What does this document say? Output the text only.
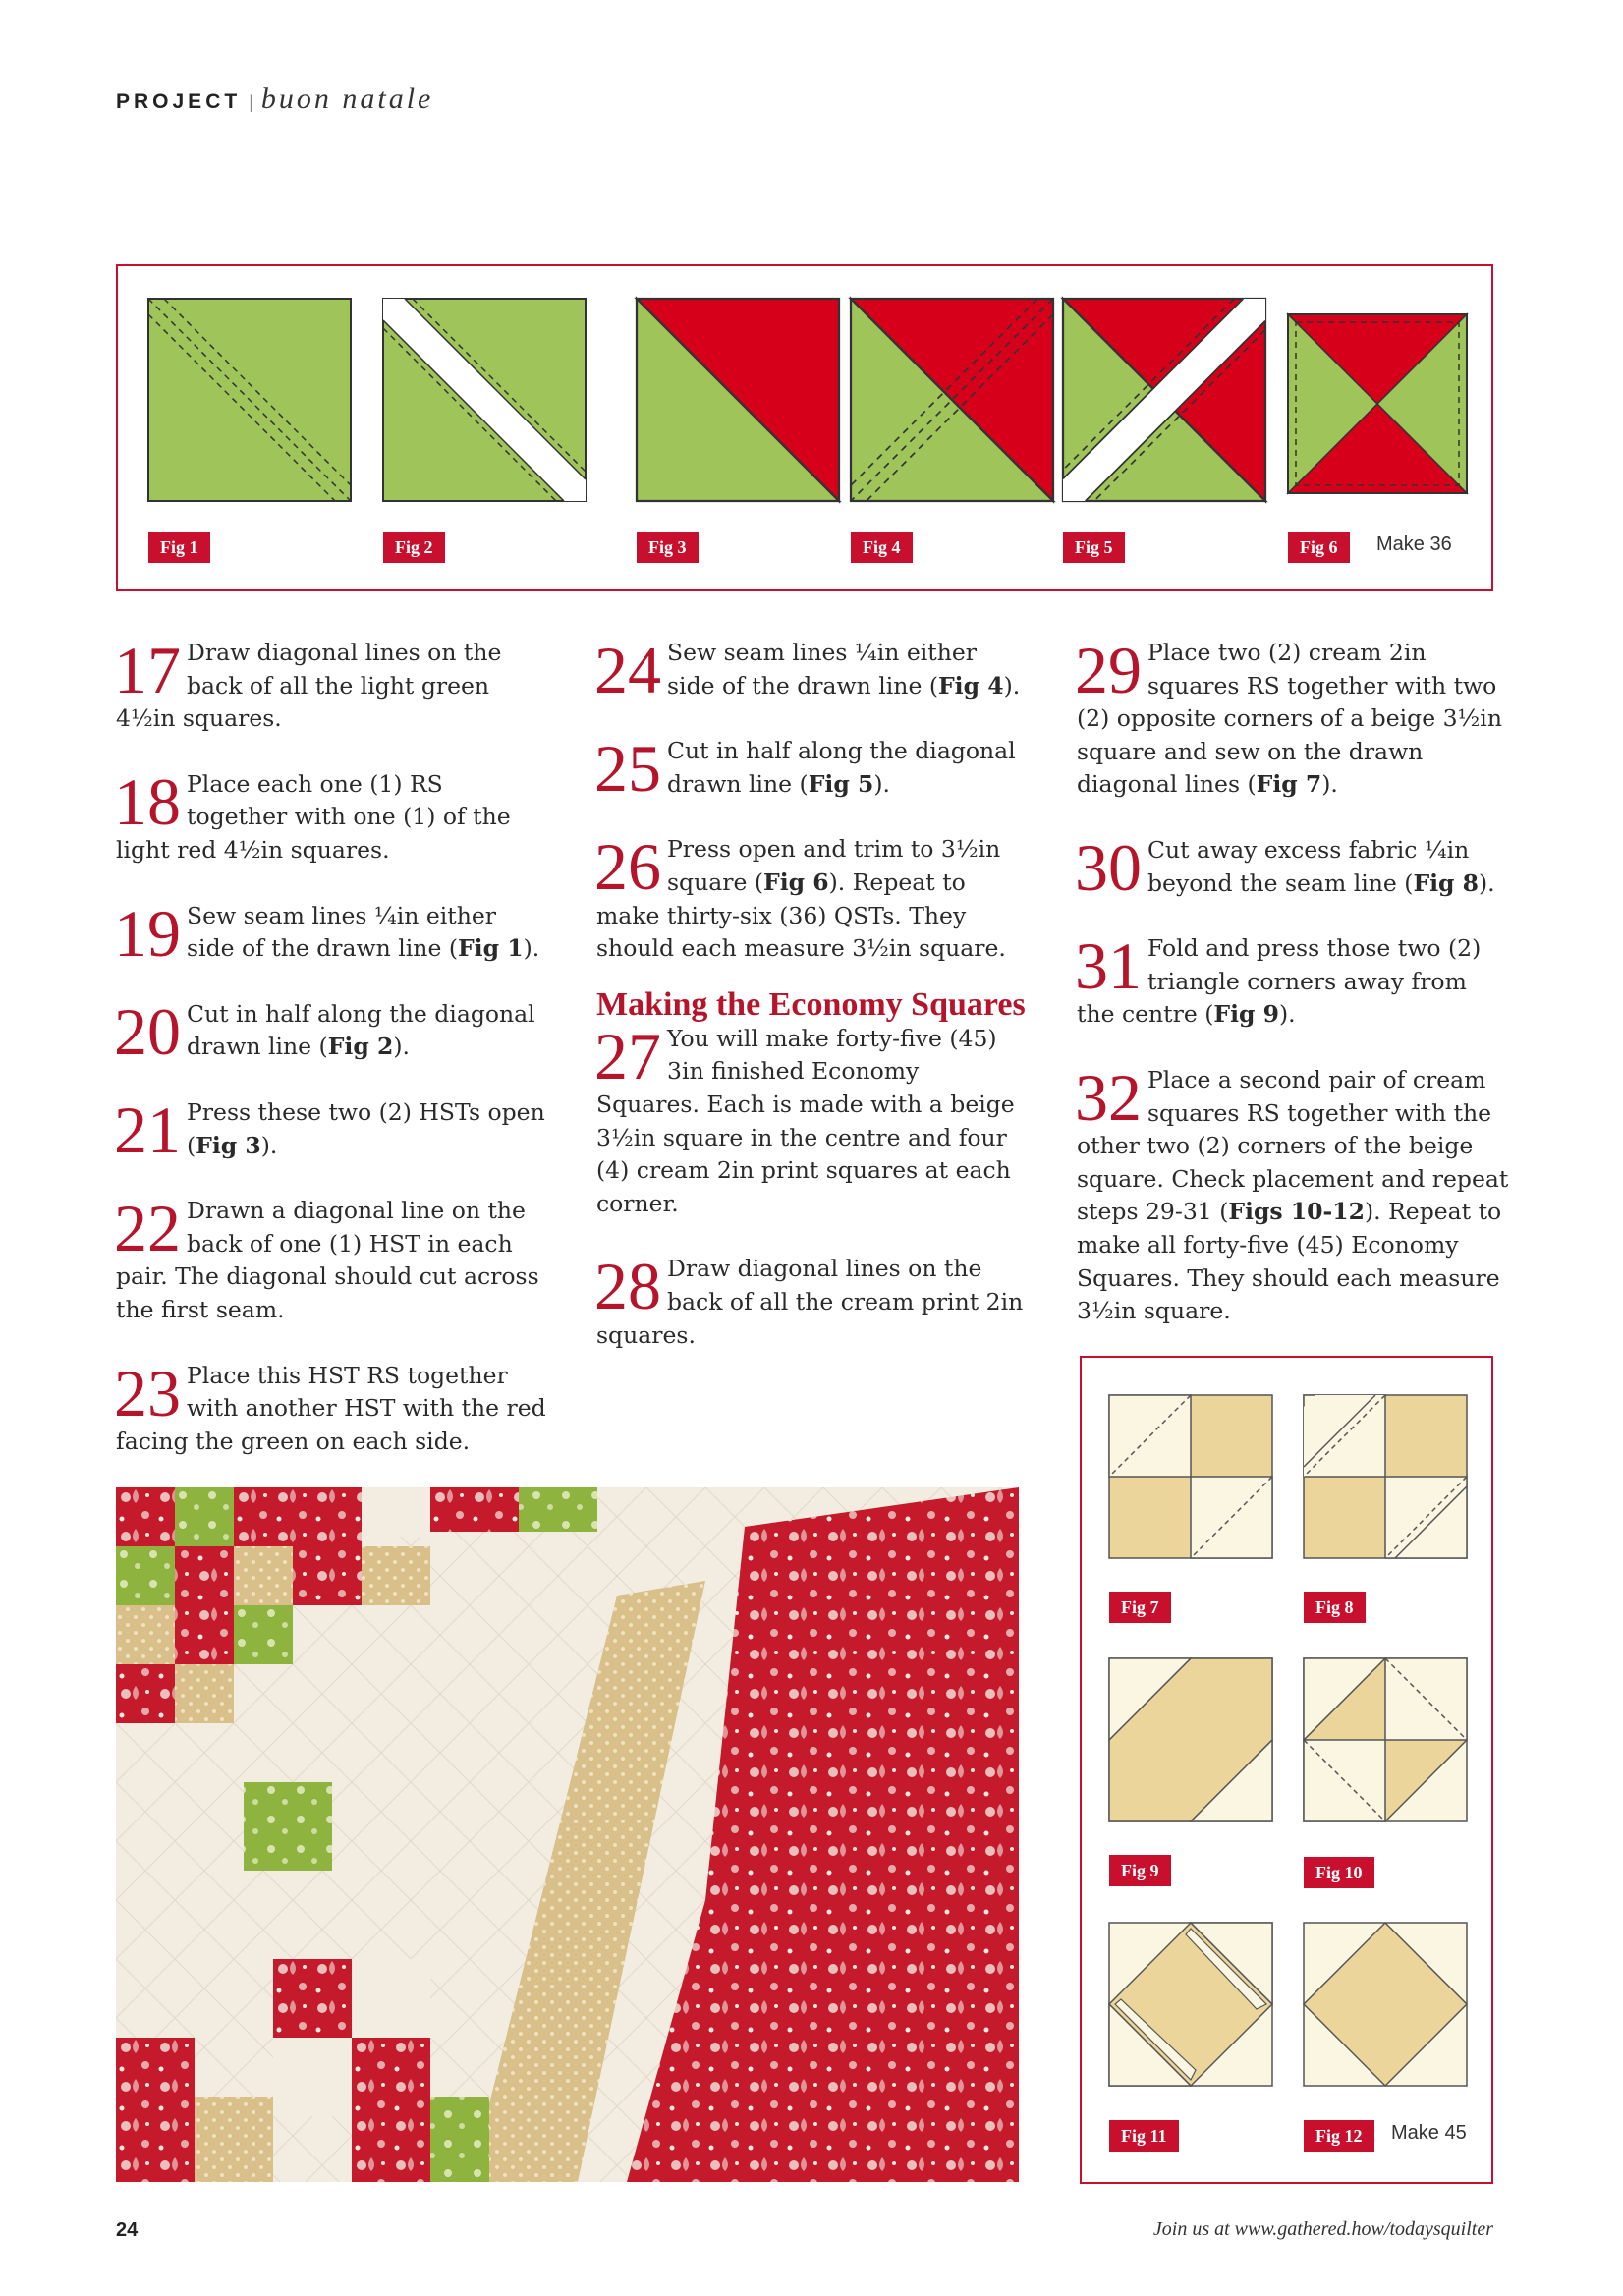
PROJECT | buon natale
Fig 1	Fig 2	Fig 3	Fig 4	Fig 5	Fig 6	Make 36
17 Draw diagonal lines on the back of all the light green 4½in squares.

18 Place each one (1) RS together with one (1) of the light red 4½in squares.

19 Sew seam lines ¼in either side of the drawn line (Fig 1).

20 Cut in half along the diagonal drawn line (Fig 2).

21 Press these two (2) HSTs open (Fig 3).

22 Drawn a diagonal line on the back of one (1) HST in each pair. The diagonal should cut across the first seam.

23 Place this HST RS together with another HST with the red facing the green on each side.

24 Sew seam lines ¼in either side of the drawn line (Fig 4).

25 Cut in half along the diagonal drawn line (Fig 5).

26 Press open and trim to 3½in square (Fig 6). Repeat to make thirty-six (36) QSTs. They should each measure 3½in square.

Making the Economy Squares
27 You will make forty-five (45) 3in finished Economy Squares. Each is made with a beige 3½in square in the centre and four (4) cream 2in print squares at each corner.

28 Draw diagonal lines on the back of all the cream print 2in squares.

29 Place two (2) cream 2in squares RS together with two (2) opposite corners of a beige 3½in square and sew on the drawn diagonal lines (Fig 7).

30 Cut away excess fabric ¼in beyond the seam line (Fig 8).

31 Fold and press those two (2) triangle corners away from the centre (Fig 9).

32 Place a second pair of cream squares RS together with the other two (2) corners of the beige square. Check placement and repeat steps 29-31 (Figs 10-12). Repeat to make all forty-five (45) Economy Squares. They should each measure 3½in square.

Fig 7	Fig 8
Fig 9	Fig 10
Fig 11	Fig 12	Make 45
24	Join us at www.gathered.how/todaysquilter
